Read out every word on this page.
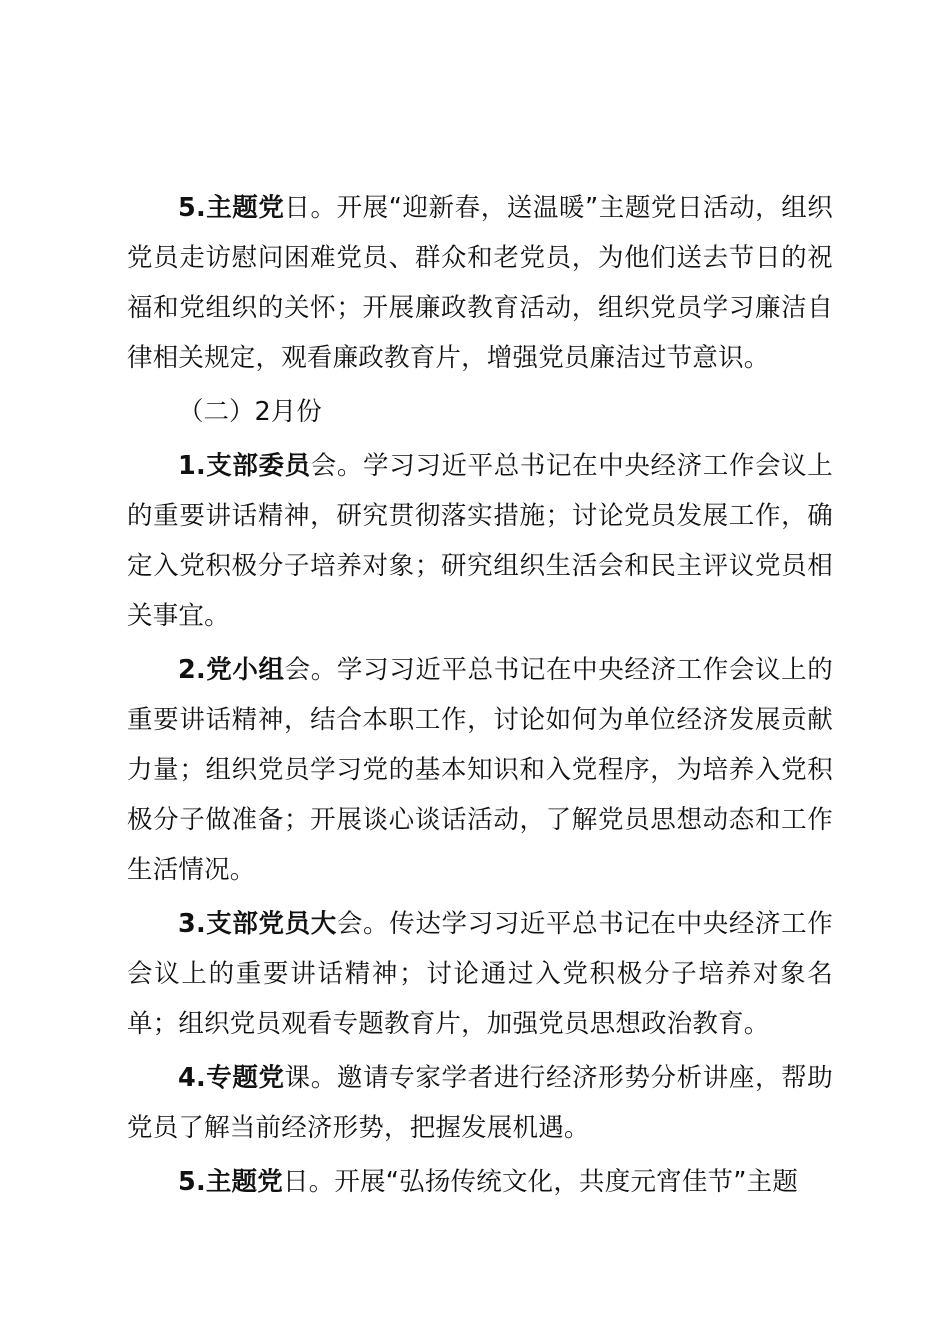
5.主题党日。开展“迎新春，送温暖”主题党日活动，组织党员走访慰问困难党员、群众和老党员，为他们送去节日的祝福和党组织的关怀；开展廉政教育活动，组织党员学习廉洁自律相关规定，观看廉政教育片，增强党员廉洁过节意识。

（二）2月份

1.支部委员会。学习习近平总书记在中央经济工作会议上的重要讲话精神，研究贯彻落实措施；讨论党员发展工作，确定入党积极分子培养对象；研究组织生活会和民主评议党员相关事宜。

2.党小组会。学习习近平总书记在中央经济工作会议上的重要讲话精神，结合本职工作，讨论如何为单位经济发展贡献力量；组织党员学习党的基本知识和入党程序，为培养入党积极分子做准备；开展谈心谈话活动，了解党员思想动态和工作生活情况。

3.支部党员大会。传达学习习近平总书记在中央经济工作会议上的重要讲话精神；讨论通过入党积极分子培养对象名单；组织党员观看专题教育片，加强党员思想政治教育。

4.专题党课。邀请专家学者进行经济形势分析讲座，帮助党员了解当前经济形势，把握发展机遇。

5.主题党日。开展“弘扬传统文化，共度元宵佳节”主题
